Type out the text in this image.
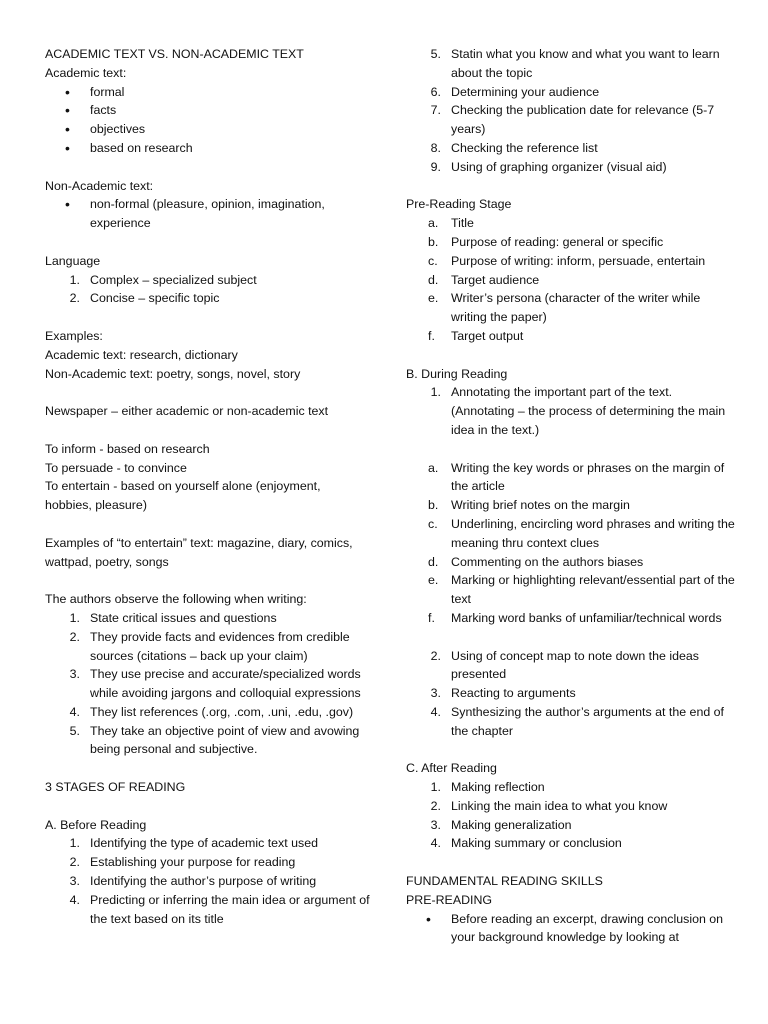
ACADEMIC TEXT VS. NON-ACADEMIC TEXT
Academic text:
•	formal
•	facts
•	objectives
•	based on research
Non-Academic text:
•	non-formal (pleasure, opinion, imagination, experience
Language
1. Complex – specialized subject
2. Concise – specific topic
Examples:
Academic text: research, dictionary
Non-Academic text: poetry, songs, novel, story
Newspaper – either academic or non-academic text
To inform - based on research
To persuade - to convince
To entertain - based on yourself alone (enjoyment,
hobbies, pleasure)
Examples of “to entertain” text: magazine, diary, comics,
wattpad, poetry, songs
The authors observe the following when writing:
1. State critical issues and questions
2. They provide facts and evidences from credible sources (citations – back up your claim)
3. They use precise and accurate/specialized words while avoiding jargons and colloquial expressions
4. They list references (.org, .com, .uni, .edu, .gov)
5. They take an objective point of view and avowing being personal and subjective.
3 STAGES OF READING
A. Before Reading
1. Identifying the type of academic text used
2. Establishing your purpose for reading
3. Identifying the author’s purpose of writing
4. Predicting or inferring the main idea or argument of the text based on its title
5. Statin what you know and what you want to learn about the topic
6. Determining your audience
7. Checking the publication date for relevance (5-7 years)
8. Checking the reference list
9. Using of graphing organizer (visual aid)
Pre-Reading Stage
a.	Title
b.	Purpose of reading: general or specific
c.	Purpose of writing: inform, persuade, entertain
d.	Target audience
e.	Writer’s persona (character of the writer while writing the paper)
f.	Target output
B. During Reading
1. Annotating the important part of the text. (Annotating – the process of determining the main idea in the text.)
a.	Writing the key words or phrases on the margin of the article
b.	Writing brief notes on the margin
c.	Underlining, encircling word phrases and writing the meaning thru context clues
d.	Commenting on the authors biases
e.	Marking or highlighting relevant/essential part of the text
f.	Marking word banks of unfamiliar/technical words
2. Using of concept map to note down the ideas presented
3. Reacting to arguments
4. Synthesizing the author’s arguments at the end of the chapter
C. After Reading
1. Making reflection
2. Linking the main idea to what you know
3. Making generalization
4. Making summary or conclusion
FUNDAMENTAL READING SKILLS
PRE-READING
•	Before reading an excerpt, drawing conclusion on your background knowledge by looking at
